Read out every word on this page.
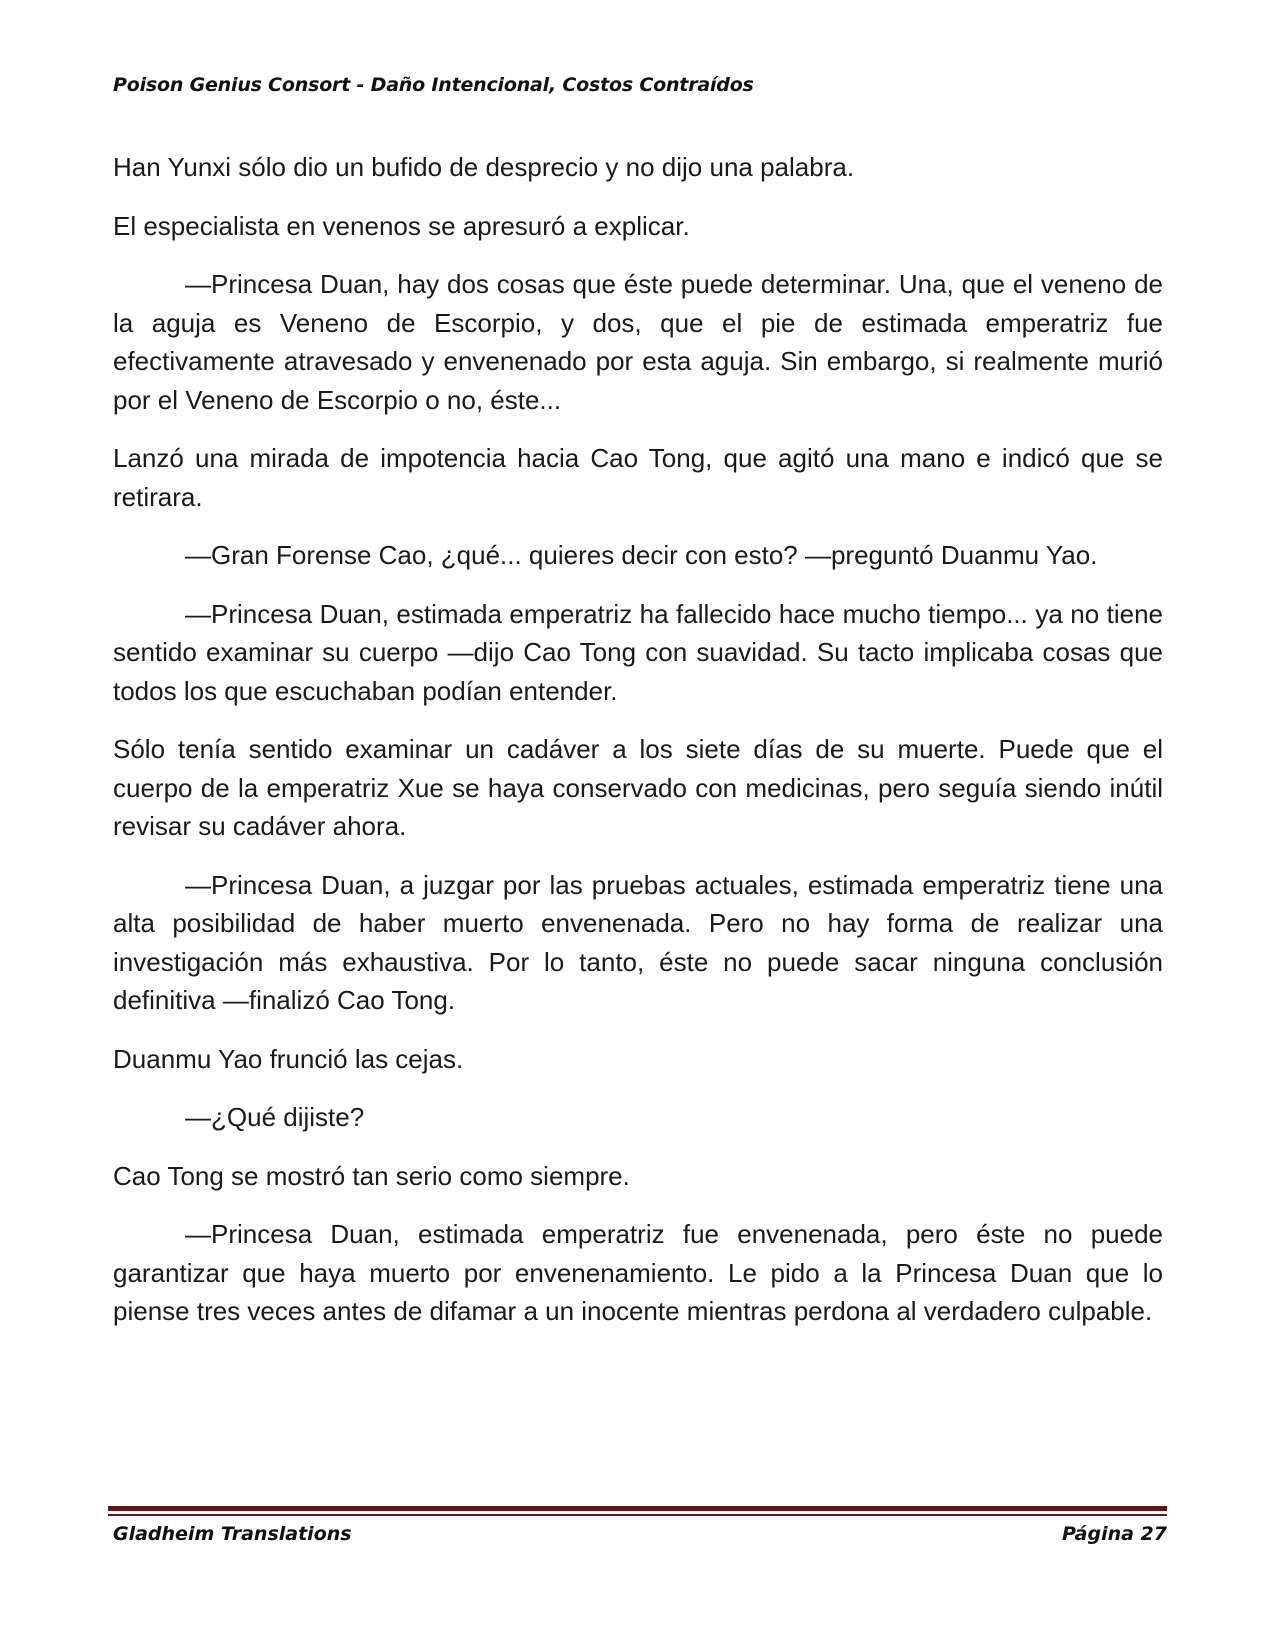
Poison Genius Consort - Daño Intencional, Costos Contraídos

Han Yunxi sólo dio un bufido de desprecio y no dijo una palabra.

El especialista en venenos se apresuró a explicar.

—Princesa Duan, hay dos cosas que éste puede determinar. Una, que el veneno de la aguja es Veneno de Escorpio, y dos, que el pie de estimada emperatriz fue efectivamente atravesado y envenenado por esta aguja. Sin embargo, si realmente murió por el Veneno de Escorpio o no, éste...

Lanzó una mirada de impotencia hacia Cao Tong, que agitó una mano e indicó que se retirara.

—Gran Forense Cao, ¿qué... quieres decir con esto? —preguntó Duanmu Yao.

—Princesa Duan, estimada emperatriz ha fallecido hace mucho tiempo... ya no tiene sentido examinar su cuerpo —dijo Cao Tong con suavidad. Su tacto implicaba cosas que todos los que escuchaban podían entender.

Sólo tenía sentido examinar un cadáver a los siete días de su muerte. Puede que el cuerpo de la emperatriz Xue se haya conservado con medicinas, pero seguía siendo inútil revisar su cadáver ahora.

—Princesa Duan, a juzgar por las pruebas actuales, estimada emperatriz tiene una alta posibilidad de haber muerto envenenada. Pero no hay forma de realizar una investigación más exhaustiva. Por lo tanto, éste no puede sacar ninguna conclusión definitiva —finalizó Cao Tong.

Duanmu Yao frunció las cejas.

—¿Qué dijiste?

Cao Tong se mostró tan serio como siempre.

—Princesa Duan, estimada emperatriz fue envenenada, pero éste no puede garantizar que haya muerto por envenenamiento. Le pido a la Princesa Duan que lo piense tres veces antes de difamar a un inocente mientras perdona al verdadero culpable.

Gladheim Translations	Página 27
